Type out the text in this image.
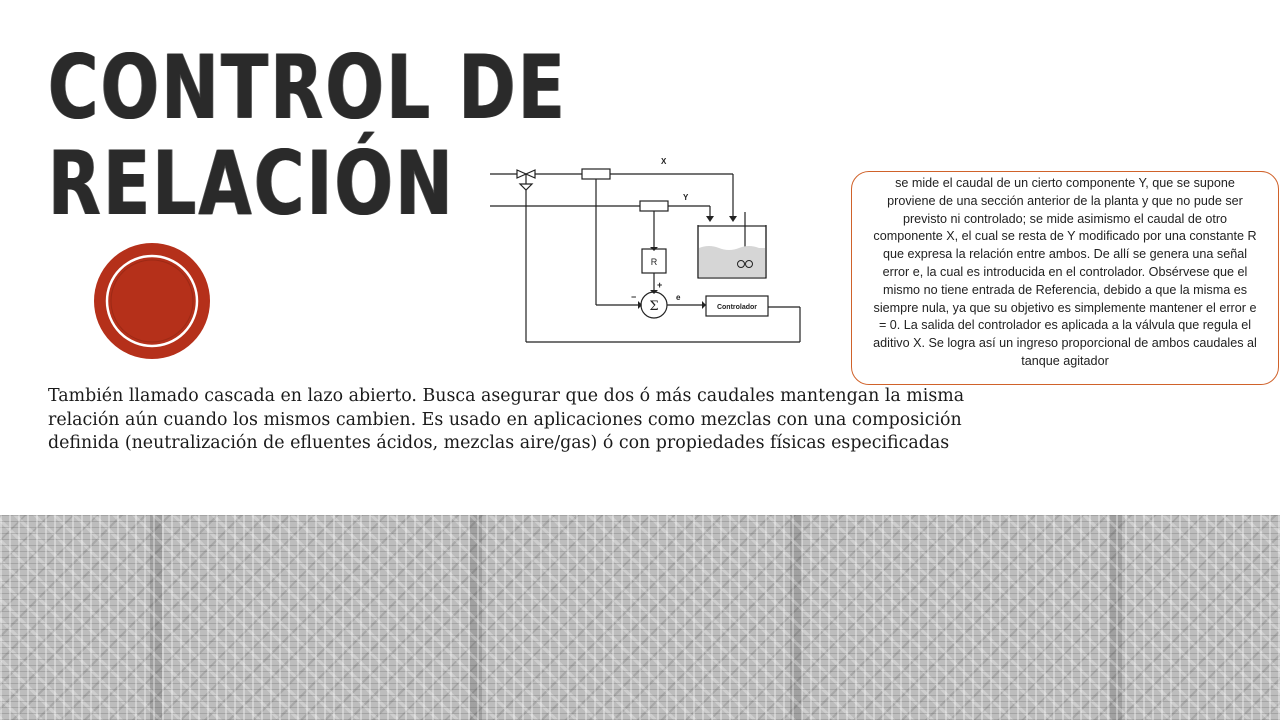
CONTROL DE
RELACIÓN	X
Y
R
Σ
+
−	e
Controlador
se mide el caudal de un cierto componente Y, que se supone proviene de una sección anterior de la planta y que no pude ser previsto ni controlado; se mide asimismo el caudal de otro componente X, el cual se resta de Y modificado por una constante R que expresa la relación entre ambos. De allí se genera una señal error e, la cual es introducida en el controlador. Obsérvese que el mismo no tiene entrada de Referencia, debido a que la misma es siempre nula, ya que su objetivo es simplemente mantener el error e = 0. La salida del controlador es aplicada a la válvula que regula el aditivo X. Se logra así un ingreso proporcional de ambos caudales al tanque agitador

También llamado cascada en lazo abierto. Busca asegurar que dos ó más caudales mantengan la misma relación aún cuando los mismos cambien. Es usado en aplicaciones como mezclas con una composición definida (neutralización de efluentes ácidos, mezclas aire/gas) ó con propiedades físicas especificadas
